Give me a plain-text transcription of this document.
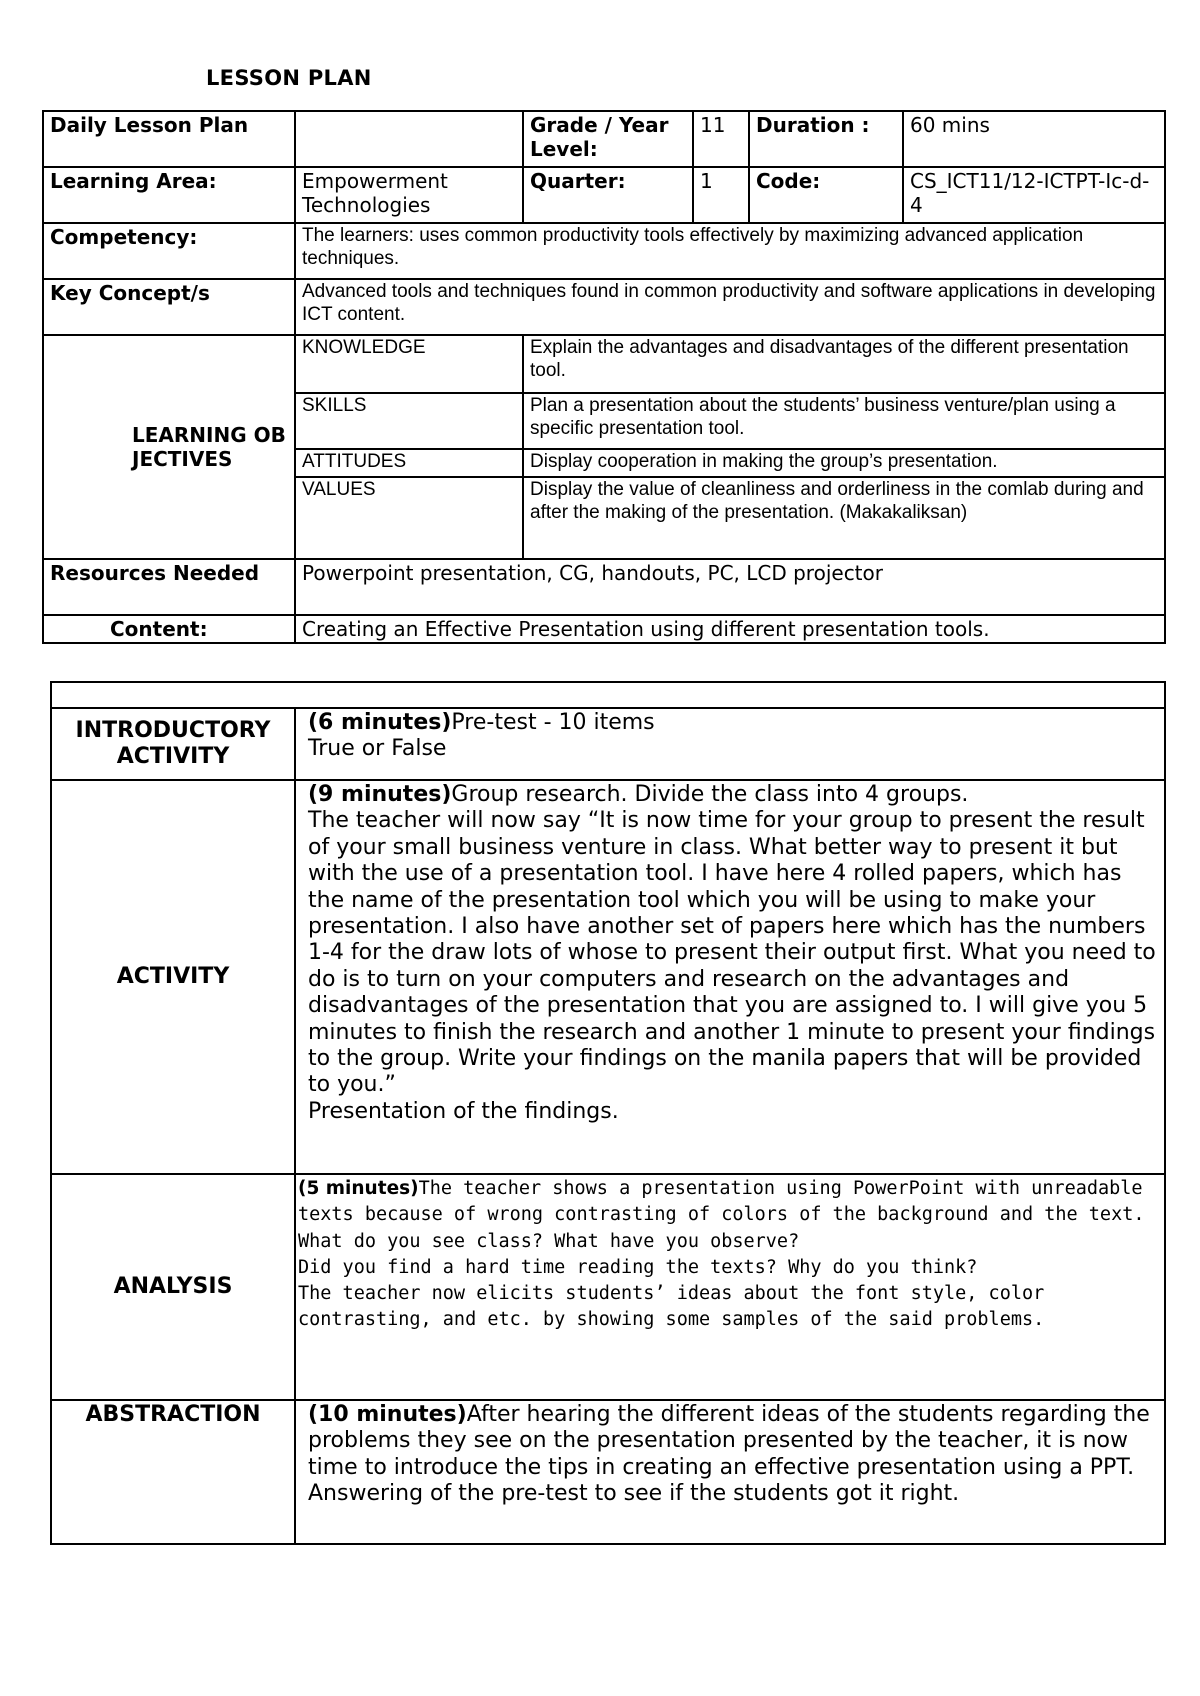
LESSON PLAN
Daily Lesson Plan		Grade / Year Level:	11	Duration :	60 mins
Learning Area:	Empowerment Technologies	Quarter:	1	Code:	CS_ICT11/12-ICTPT-Ic-d-4
Competency:	The learners: uses common productivity tools effectively by maximizing advanced application techniques.				
Key Concept/s	Advanced tools and techniques found in common productivity and software applications in developing ICT content.				
LEARNING OBJECTIVES	KNOWLEDGE	Explain the advantages and disadvantages of the different presentation tool.			
	SKILLS	Plan a presentation about the students’ business venture/plan using a specific presentation tool.			
	ATTITUDES	Display cooperation in making the group’s presentation.			
	VALUES	Display the value of cleanliness and orderliness in the comlab during and after the making of the presentation. (Makakaliksan)			
Resources Needed	Powerpoint presentation, CG, handouts, PC, LCD projector				
Content:	Creating an Effective Presentation using different presentation tools.				

INTRODUCTORY ACTIVITY	(6 minutes)Pre-test - 10 items
True or False

ACTIVITY	(9 minutes)Group research. Divide the class into 4 groups.
The teacher will now say “It is now time for your group to present the result of your small business venture in class. What better way to present it but with the use of a presentation tool. I have here 4 rolled papers, which has the name of the presentation tool which you will be using to make your presentation. I also have another set of papers here which has the numbers 1-4 for the draw lots of whose to present their output first. What you need to do is to turn on your computers and research on the advantages and disadvantages of the presentation that you are assigned to. I will give you 5 minutes to finish the research and another 1 minute to present your findings to the group. Write your findings on the manila papers that will be provided to you.”
Presentation of the findings.

ANALYSIS	(5 minutes)The teacher shows a presentation using PowerPoint with unreadable texts because of wrong contrasting of colors of the background and the text.
What do you see class? What have you observe?
Did you find a hard time reading the texts? Why do you think?
The teacher now elicits students’ ideas about the font style, color contrasting, and etc. by showing some samples of the said problems.

ABSTRACTION	(10 minutes)After hearing the different ideas of the students regarding the problems they see on the presentation presented by the teacher, it is now time to introduce the tips in creating an effective presentation using a PPT.
Answering of the pre-test to see if the students got it right.
